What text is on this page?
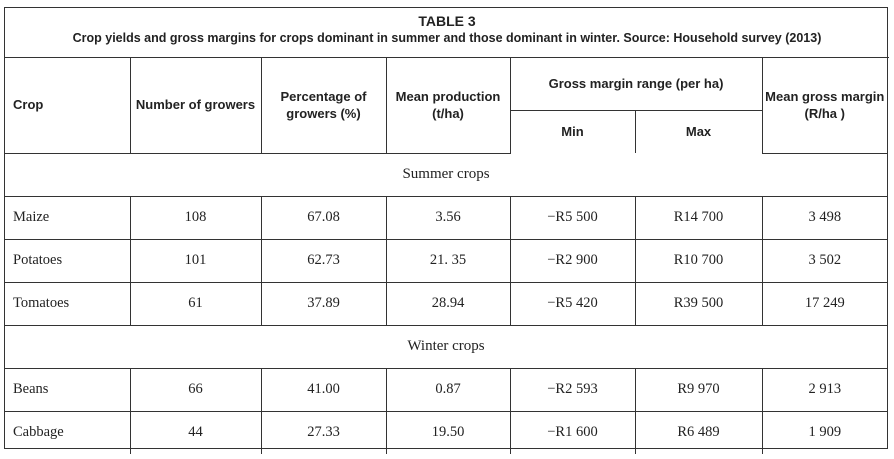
TABLE 3
Crop yields and gross margins for crops dominant in summer and those dominant in winter. Source: Household survey (2013)
Crop	Number of growers	Percentage of growers (%)	Mean production (t/ha)	Gross margin range (per ha)		Mean gross margin (R/ha )
				Min	Max	
Summer crops						
Maize	108	67.08	3.56	−R5 500	R14 700	3 498
Potatoes	101	62.73	21. 35	−R2 900	R10 700	3 502
Tomatoes	61	37.89	28.94	−R5 420	R39 500	17 249
Winter crops						
Beans	66	41.00	0.87	−R2 593	R9 970	2 913
Cabbage	44	27.33	19.50	−R1 600	R6 489	1 909
